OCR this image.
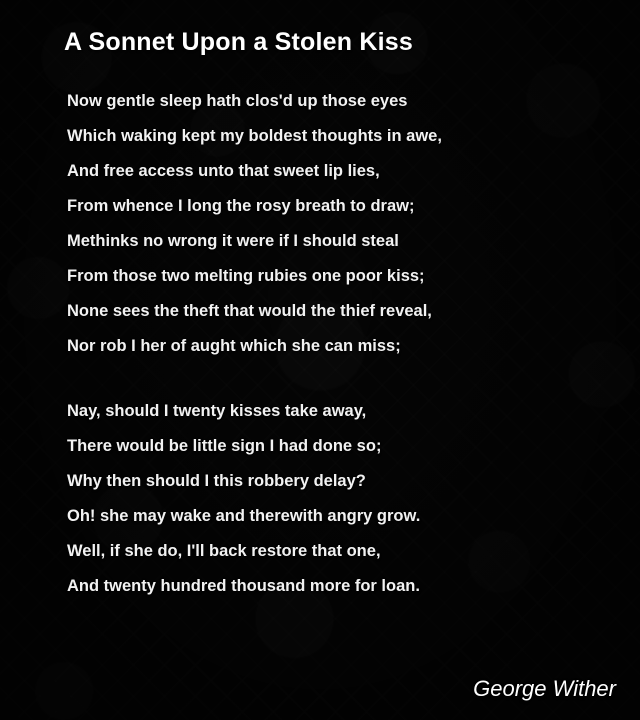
A Sonnet Upon a Stolen Kiss
Now gentle sleep hath clos'd up those eyes
Which waking kept my boldest thoughts in awe,
And free access unto that sweet lip lies,
From whence I long the rosy breath to draw;
Methinks no wrong it were if I should steal
From those two melting rubies one poor kiss;
None sees the theft that would the thief reveal,
Nor rob I her of aught which she can miss;
Nay, should I twenty kisses take away,
There would be little sign I had done so;
Why then should I this robbery delay?
Oh! she may wake and therewith angry grow.
Well, if she do, I'll back restore that one,
And twenty hundred thousand more for loan.
George Wither
